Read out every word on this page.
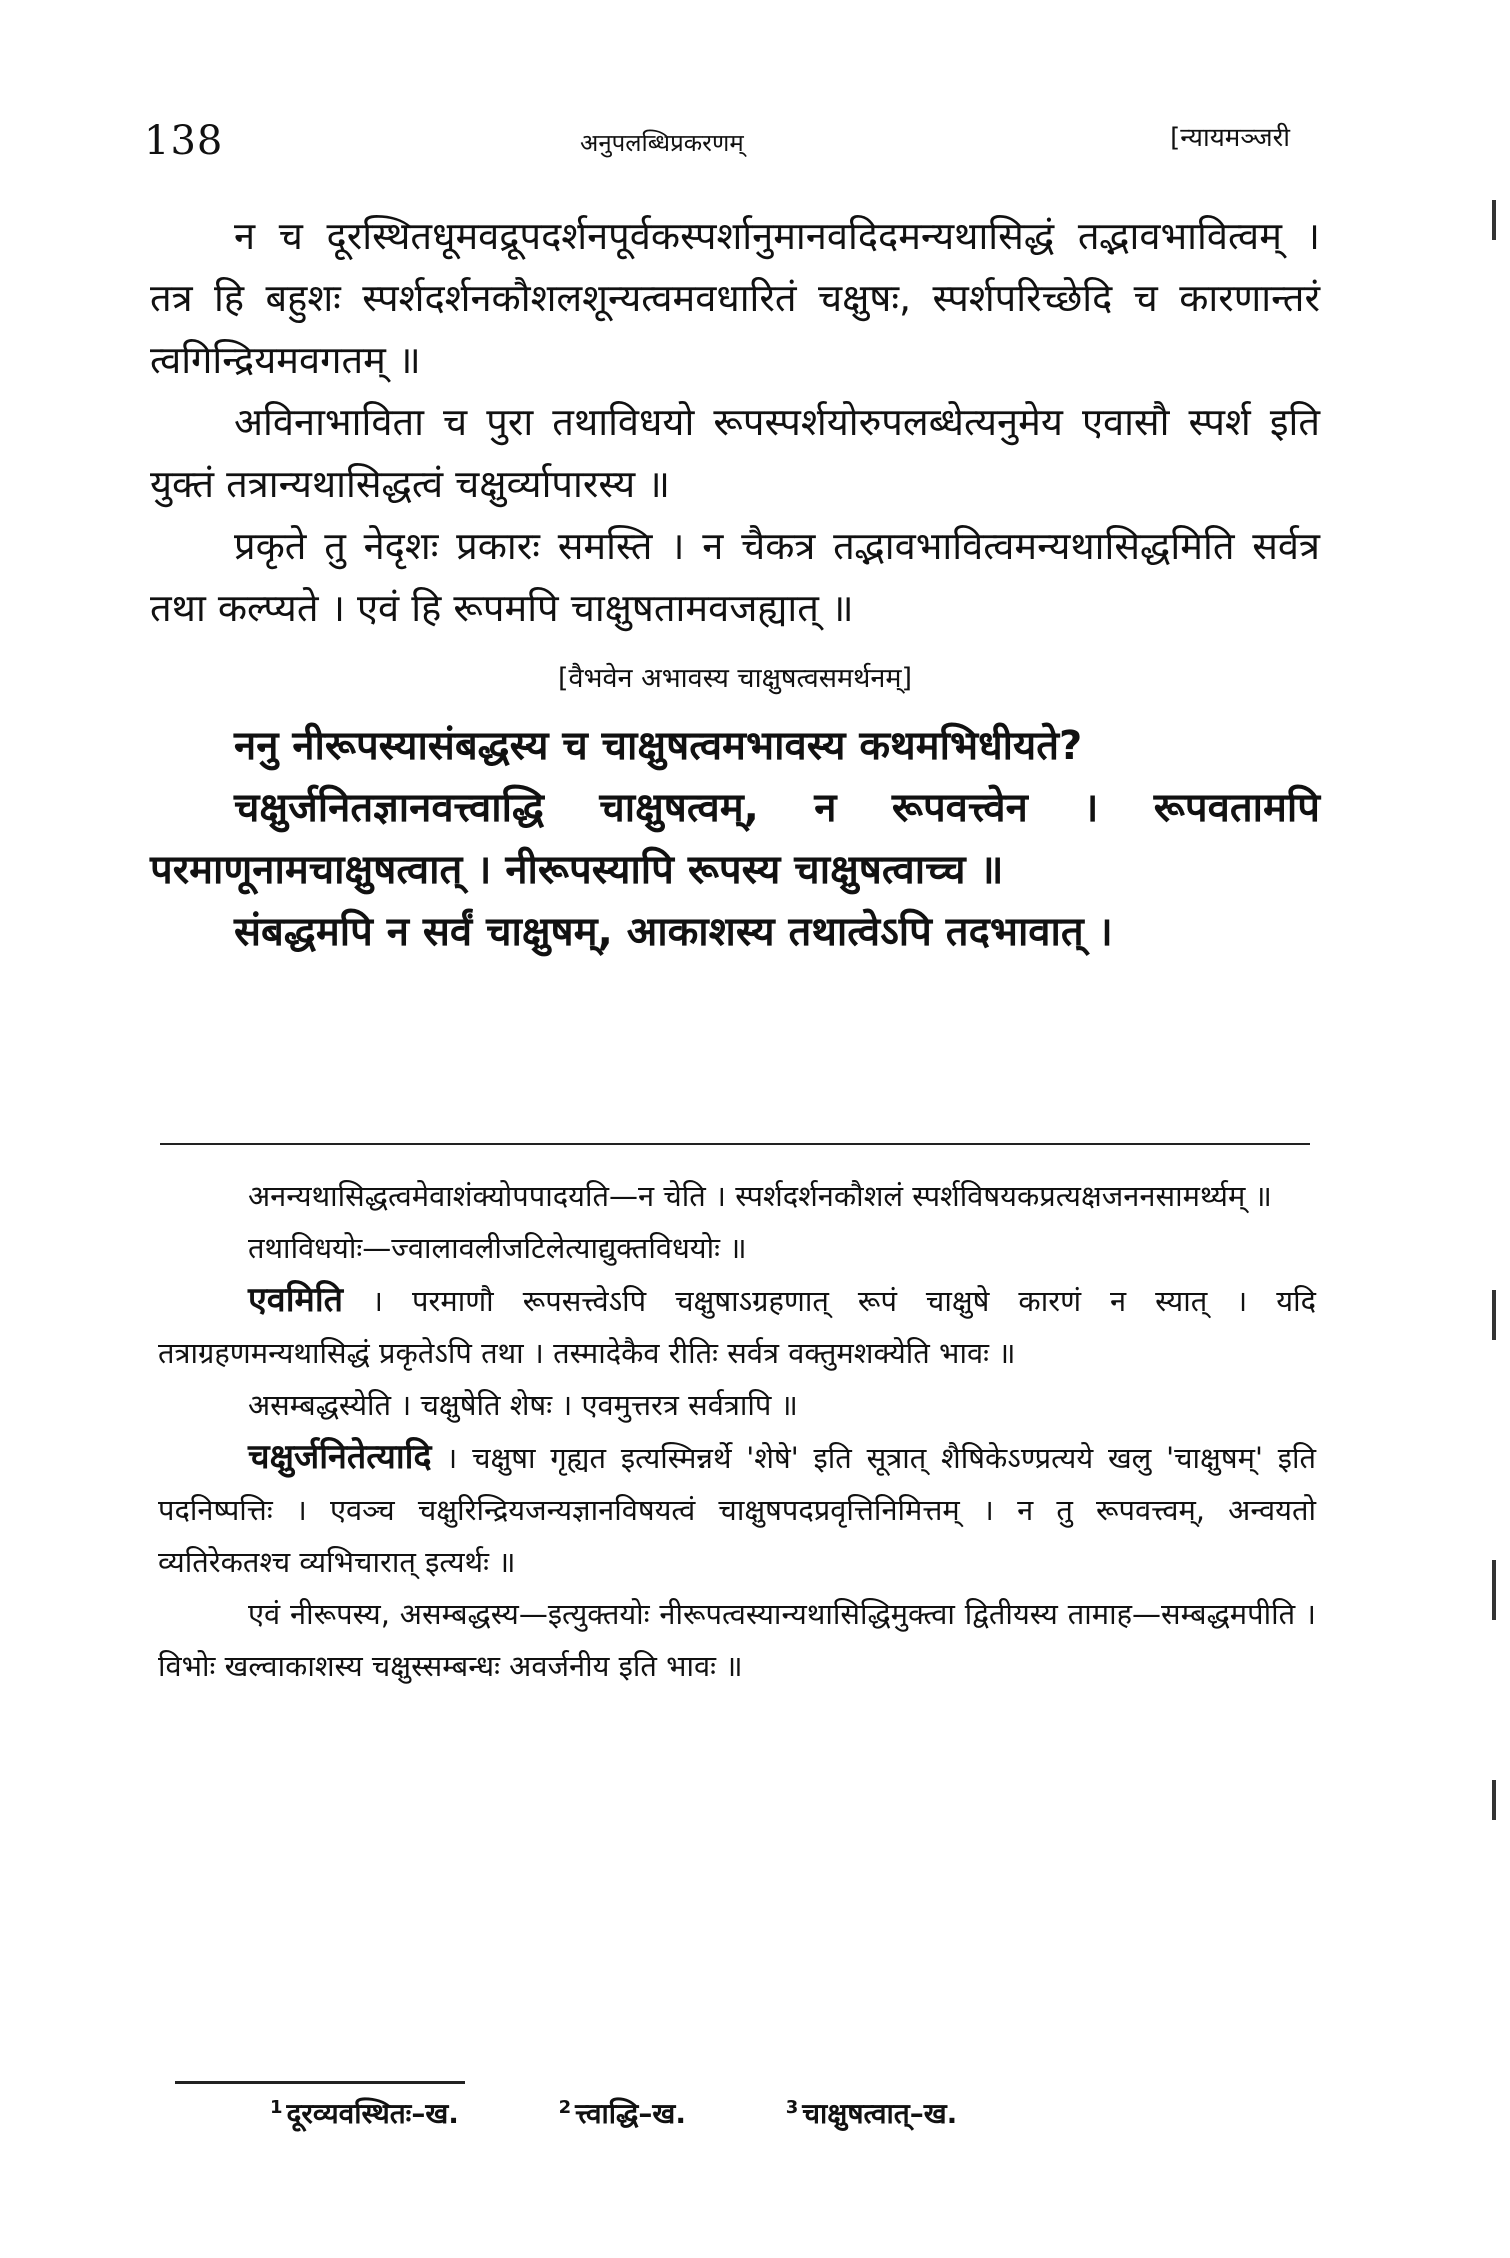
138	अनुपलब्धिप्रकरणम्	[न्यायमञ्जरी

न च दूरस्थितधूमवद्रूपदर्शनपूर्वकस्पर्शानुमानवदिदमन्यथासिद्धं तद्भावभावित्वम् । तत्र हि बहुशः स्पर्शदर्शनकौशलशून्यत्वमवधारितं चक्षुषः, स्पर्शपरिच्छेदि च कारणान्तरं त्वगिन्द्रियमवगतम् ॥

अविनाभाविता च पुरा तथाविधयो रूपस्पर्शयोरुपलब्धेत्यनुमेय एवासौ स्पर्श इति युक्तं तत्रान्यथासिद्धत्वं चक्षुर्व्यापारस्य ॥

प्रकृते तु नेदृशः प्रकारः समस्ति । न चैकत्र तद्भावभावित्वमन्यथासिद्धमिति सर्वत्र तथा कल्प्यते । एवं हि रूपमपि चाक्षुषतामवजह्यात् ॥

[वैभवेन अभावस्य चाक्षुषत्वसमर्थनम्]

ननु नीरूपस्यासंबद्धस्य च चाक्षुषत्वमभावस्य कथमभिधीयते?

चक्षुर्जनितज्ञानवत्त्वाद्धि चाक्षुषत्वम्, न रूपवत्त्वेन । रूपवतामपि परमाणूनामचाक्षुषत्वात् । नीरूपस्यापि रूपस्य चाक्षुषत्वाच्च ॥

संबद्धमपि न सर्वं चाक्षुषम्, आकाशस्य तथात्वेऽपि तदभावात् ।

अनन्यथासिद्धत्वमेवाशंक्योपपादयति—न चेति । स्पर्शदर्शनकौशलं स्पर्शविषयकप्रत्यक्षजननसामर्थ्यम् ॥

तथाविधयोः—ज्वालावलीजटिलेत्याद्युक्तविधयोः ॥

एवमिति । परमाणौ रूपसत्त्वेऽपि चक्षुषाऽग्रहणात् रूपं चाक्षुषे कारणं न स्यात् । यदि तत्राग्रहणमन्यथासिद्धं प्रकृतेऽपि तथा । तस्मादेकैव रीतिः सर्वत्र वक्तुमशक्येति भावः ॥

असम्बद्धस्येति । चक्षुषेति शेषः । एवमुत्तरत्र सर्वत्रापि ॥

चक्षुर्जनितेत्यादि । चक्षुषा गृह्यत इत्यस्मिन्नर्थे 'शेषे' इति सूत्रात् शैषिकेऽण्प्रत्यये खलु 'चाक्षुषम्' इति पदनिष्पत्तिः । एवञ्च चक्षुरिन्द्रियजन्यज्ञानविषयत्वं चाक्षुषपदप्रवृत्तिनिमित्तम् । न तु रूपवत्त्वम्, अन्वयतो व्यतिरेकतश्च व्यभिचारात् इत्यर्थः ॥

एवं नीरूपस्य, असम्बद्धस्य—इत्युक्तयोः नीरूपत्वस्यान्यथासिद्धिमुक्त्वा द्वितीयस्य तामाह—सम्बद्धमपीति । विभोः खल्वाकाशस्य चक्षुस्सम्बन्धः अवर्जनीय इति भावः ॥

$^1$ दूरव्यवस्थितः–ख.	$^2$ त्त्वाद्धि–ख.	$^3$ चाक्षुषत्वात्–ख.
